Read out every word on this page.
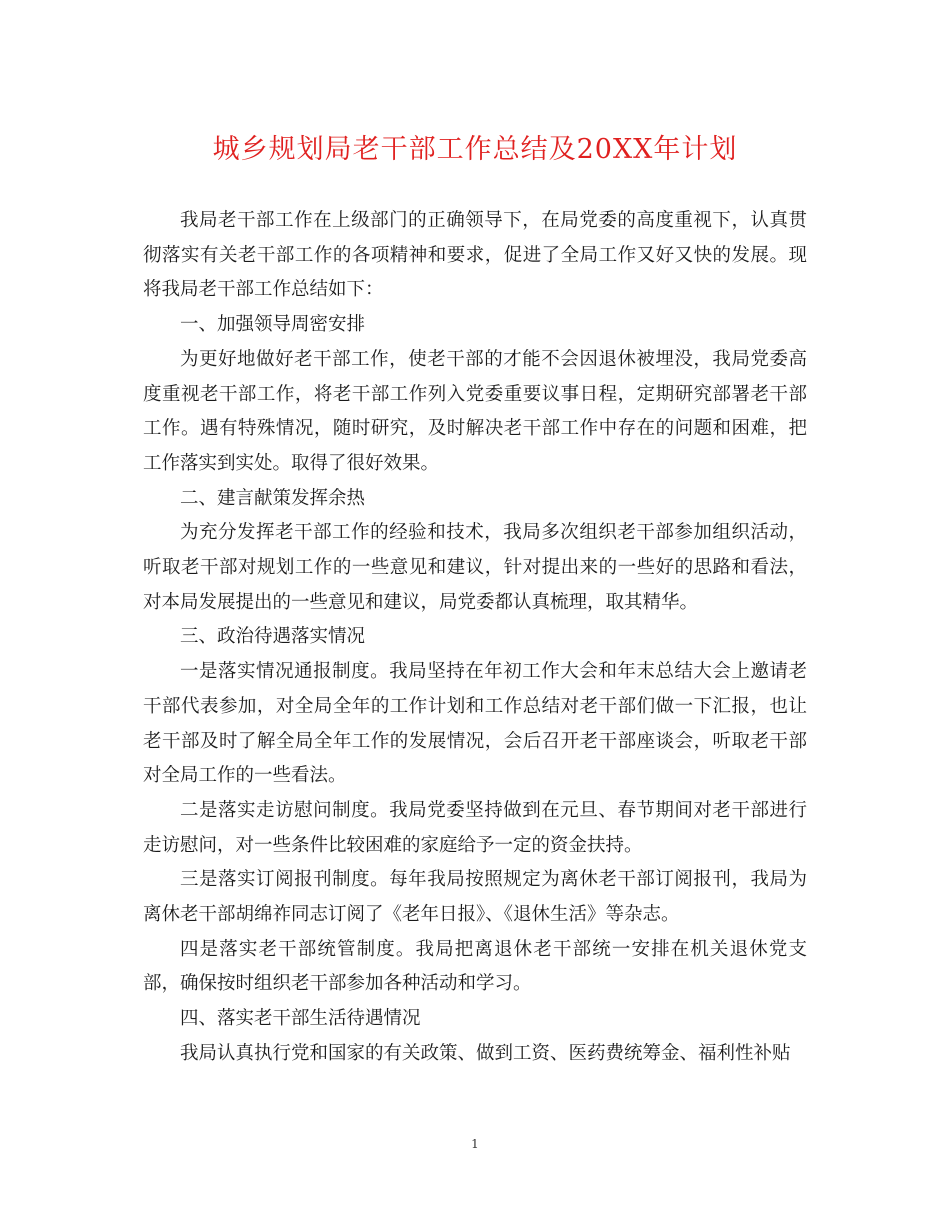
城乡规划局老干部工作总结及20XX年计划

我局老干部工作在上级部门的正确领导下，在局党委的高度重视下，认真贯彻落实有关老干部工作的各项精神和要求，促进了全局工作又好又快的发展。现将我局老干部工作总结如下：

一、加强领导周密安排

为更好地做好老干部工作，使老干部的才能不会因退休被埋没，我局党委高度重视老干部工作，将老干部工作列入党委重要议事日程，定期研究部署老干部工作。遇有特殊情况，随时研究，及时解决老干部工作中存在的问题和困难，把工作落实到实处。取得了很好效果。

二、建言献策发挥余热

为充分发挥老干部工作的经验和技术，我局多次组织老干部参加组织活动，听取老干部对规划工作的一些意见和建议，针对提出来的一些好的思路和看法，对本局发展提出的一些意见和建议，局党委都认真梳理，取其精华。

三、政治待遇落实情况

一是落实情况通报制度。我局坚持在年初工作大会和年末总结大会上邀请老干部代表参加，对全局全年的工作计划和工作总结对老干部们做一下汇报，也让老干部及时了解全局全年工作的发展情况，会后召开老干部座谈会，听取老干部对全局工作的一些看法。

二是落实走访慰问制度。我局党委坚持做到在元旦、春节期间对老干部进行走访慰问，对一些条件比较困难的家庭给予一定的资金扶持。

三是落实订阅报刊制度。每年我局按照规定为离休老干部订阅报刊，我局为离休老干部胡绵祚同志订阅了《老年日报》、《退休生活》等杂志。

四是落实老干部统管制度。我局把离退休老干部统一安排在机关退休党支部，确保按时组织老干部参加各种活动和学习。

四、落实老干部生活待遇情况

我局认真执行党和国家的有关政策、做到工资、医药费统筹金、福利性补贴

1
